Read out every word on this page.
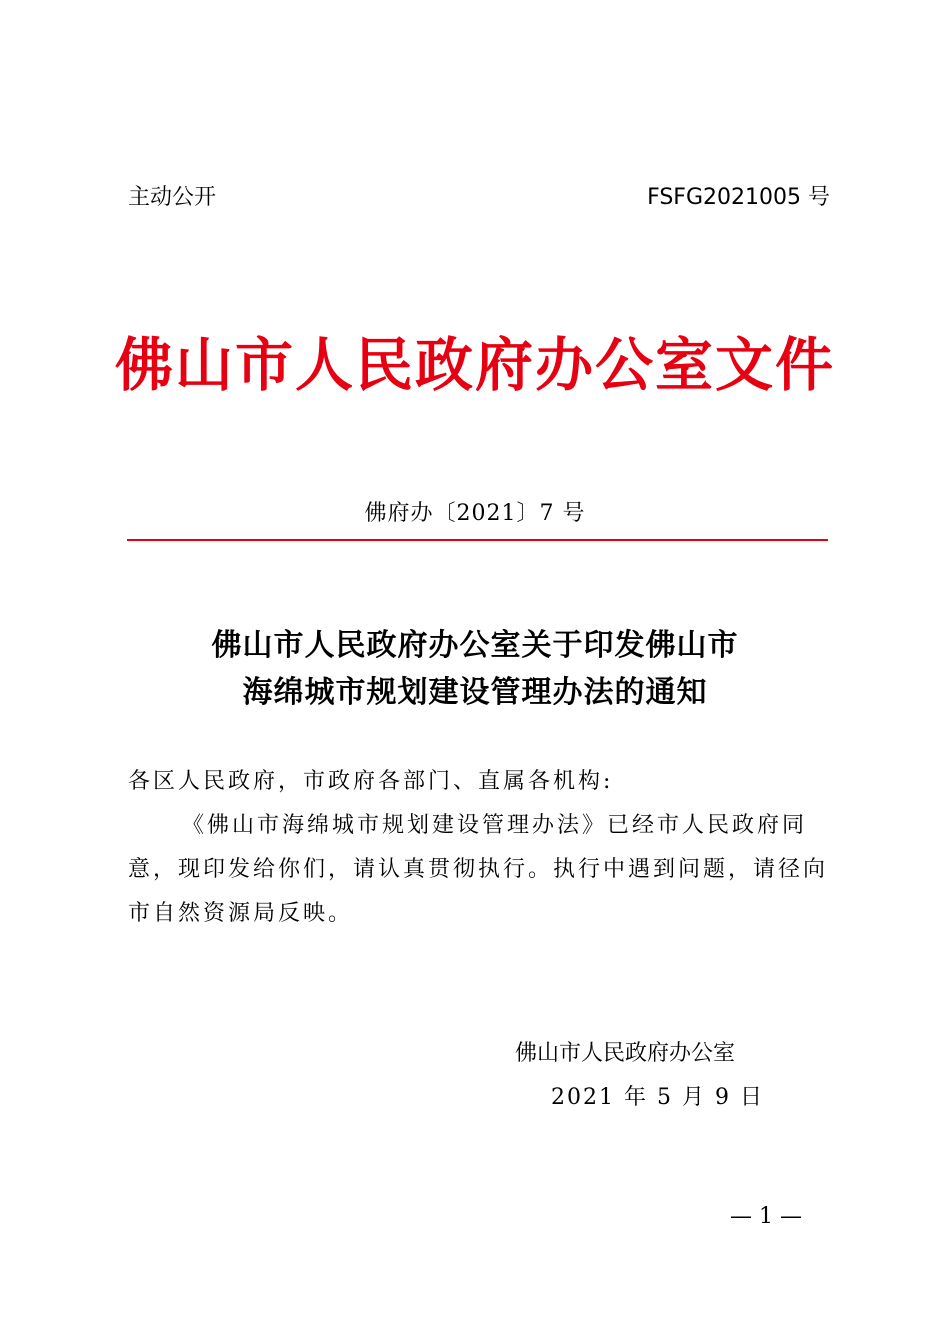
主动公开	FSFG2021005 号
佛山市人民政府办公室文件
佛府办〔2021〕7 号
佛山市人民政府办公室关于印发佛山市
海绵城市规划建设管理办法的通知
各区人民政府，市政府各部门、直属各机构:
《佛山市海绵城市规划建设管理办法》已经市人民政府同
意，现印发给你们，请认真贯彻执行。执行中遇到问题，请径向
市自然资源局反映。
佛山市人民政府办公室
2021 年 5 月 9 日
— 1 —
